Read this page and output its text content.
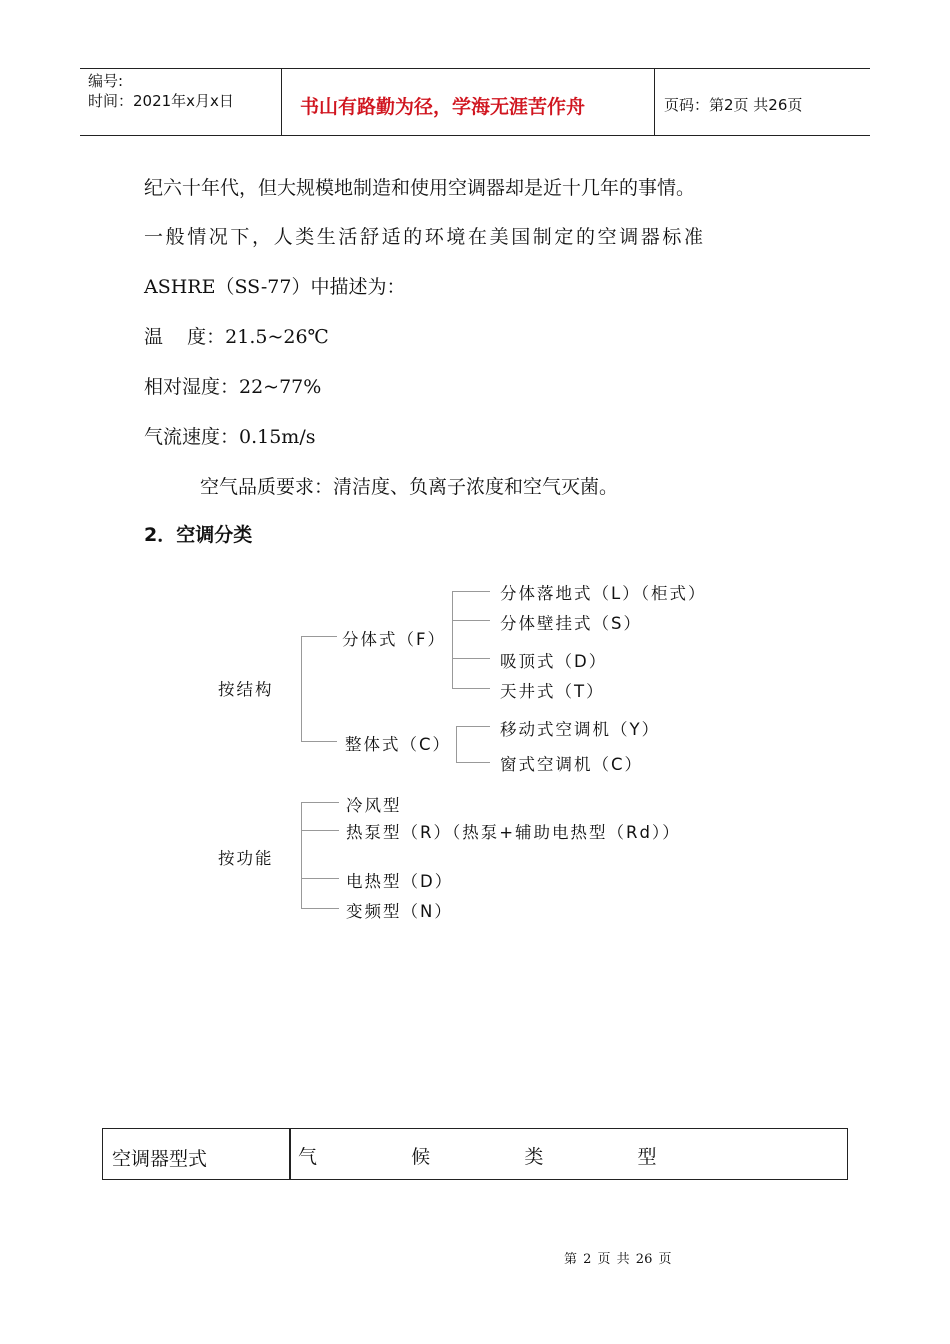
编号:
时间：2021年x月x日	书山有路勤为径，学海无涯苦作舟	页码：第2页 共26页
纪六十年代，但大规模地制造和使用空调器却是近十几年的事情。
一般情况下，人类生活舒适的环境在美国制定的空调器标准
ASHRE（SS-77）中描述为：
温    度：21.5~26℃
相对湿度：22~77%
气流速度：0.15m/s
空气品质要求：清洁度、负离子浓度和空气灭菌。
2．空调分类
按结构
分体式（F）
分体落地式（L）（柜式）
分体壁挂式（S）
吸顶式（D）
天井式（T）
整体式（C）
移动式空调机（Y）
窗式空调机（C）
按功能
冷风型
热泵型（R）（热泵+辅助电热型（Rd））
电热型（D）
变频型（N）
空调器型式	气    候    类    型
第 2 页 共 26 页
